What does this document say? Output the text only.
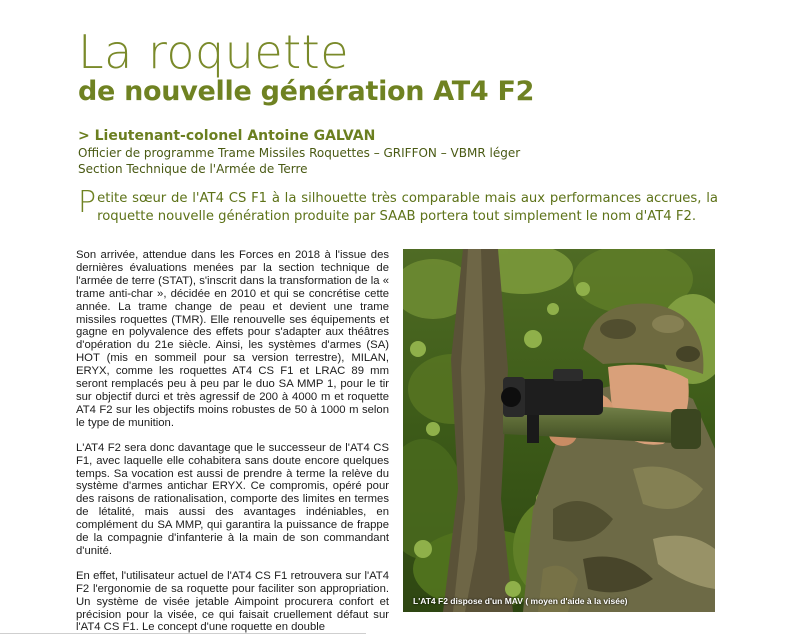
La roquette
de nouvelle génération AT4 F2
> Lieutenant-colonel Antoine GALVAN
Officier de programme Trame Missiles Roquettes – GRIFFON – VBMR léger
Section Technique de l'Armée de Terre
Petite sœur de l'AT4 CS F1 à la silhouette très comparable mais aux performances accrues, la roquette nouvelle génération produite par SAAB portera tout simplement le nom d'AT4 F2.

Son arrivée, attendue dans les Forces en 2018 à l'issue des dernières évaluations menées par la section technique de l'armée de terre (STAT), s'inscrit dans la transformation de la « trame anti-char », décidée en 2010 et qui se concrétise cette année. La trame change de peau et devient une trame missiles roquettes (TMR). Elle renouvelle ses équipements et gagne en polyvalence des effets pour s'adapter aux théâtres d'opération du 21e siècle. Ainsi, les systèmes d'armes (SA) HOT (mis en sommeil pour sa version terrestre), MILAN, ERYX, comme les roquettes AT4 CS F1 et LRAC 89 mm seront remplacés peu à peu par le duo SA MMP 1, pour le tir sur objectif durci et très agressif de 200 à 4000 m et roquette AT4 F2 sur les objectifs moins robustes de 50 à 1000 m selon le type de munition.

L'AT4 F2 sera donc davantage que le successeur de l'AT4 CS F1, avec laquelle elle cohabitera sans doute encore quelques temps. Sa vocation est aussi de prendre à terme la relève du système d'armes antichar ERYX. Ce compromis, opéré pour des raisons de rationalisation, comporte des limites en termes de létalité, mais aussi des avantages indéniables, en complément du SA MMP, qui garantira la puissance de frappe de la compagnie d'infanterie à la main de son commandant d'unité.

En effet, l'utilisateur actuel de l'AT4 CS F1 retrouvera sur l'AT4 F2 l'ergonomie de sa roquette pour faciliter son appropriation. Un système de visée jetable Aimpoint procurera confort et précision pour la visée, ce qui faisait cruellement défaut sur l'AT4 CS F1. Le concept d'une roquette en double

L'AT4 F2 dispose d'un MAV ( moyen d'aide à la visée)
